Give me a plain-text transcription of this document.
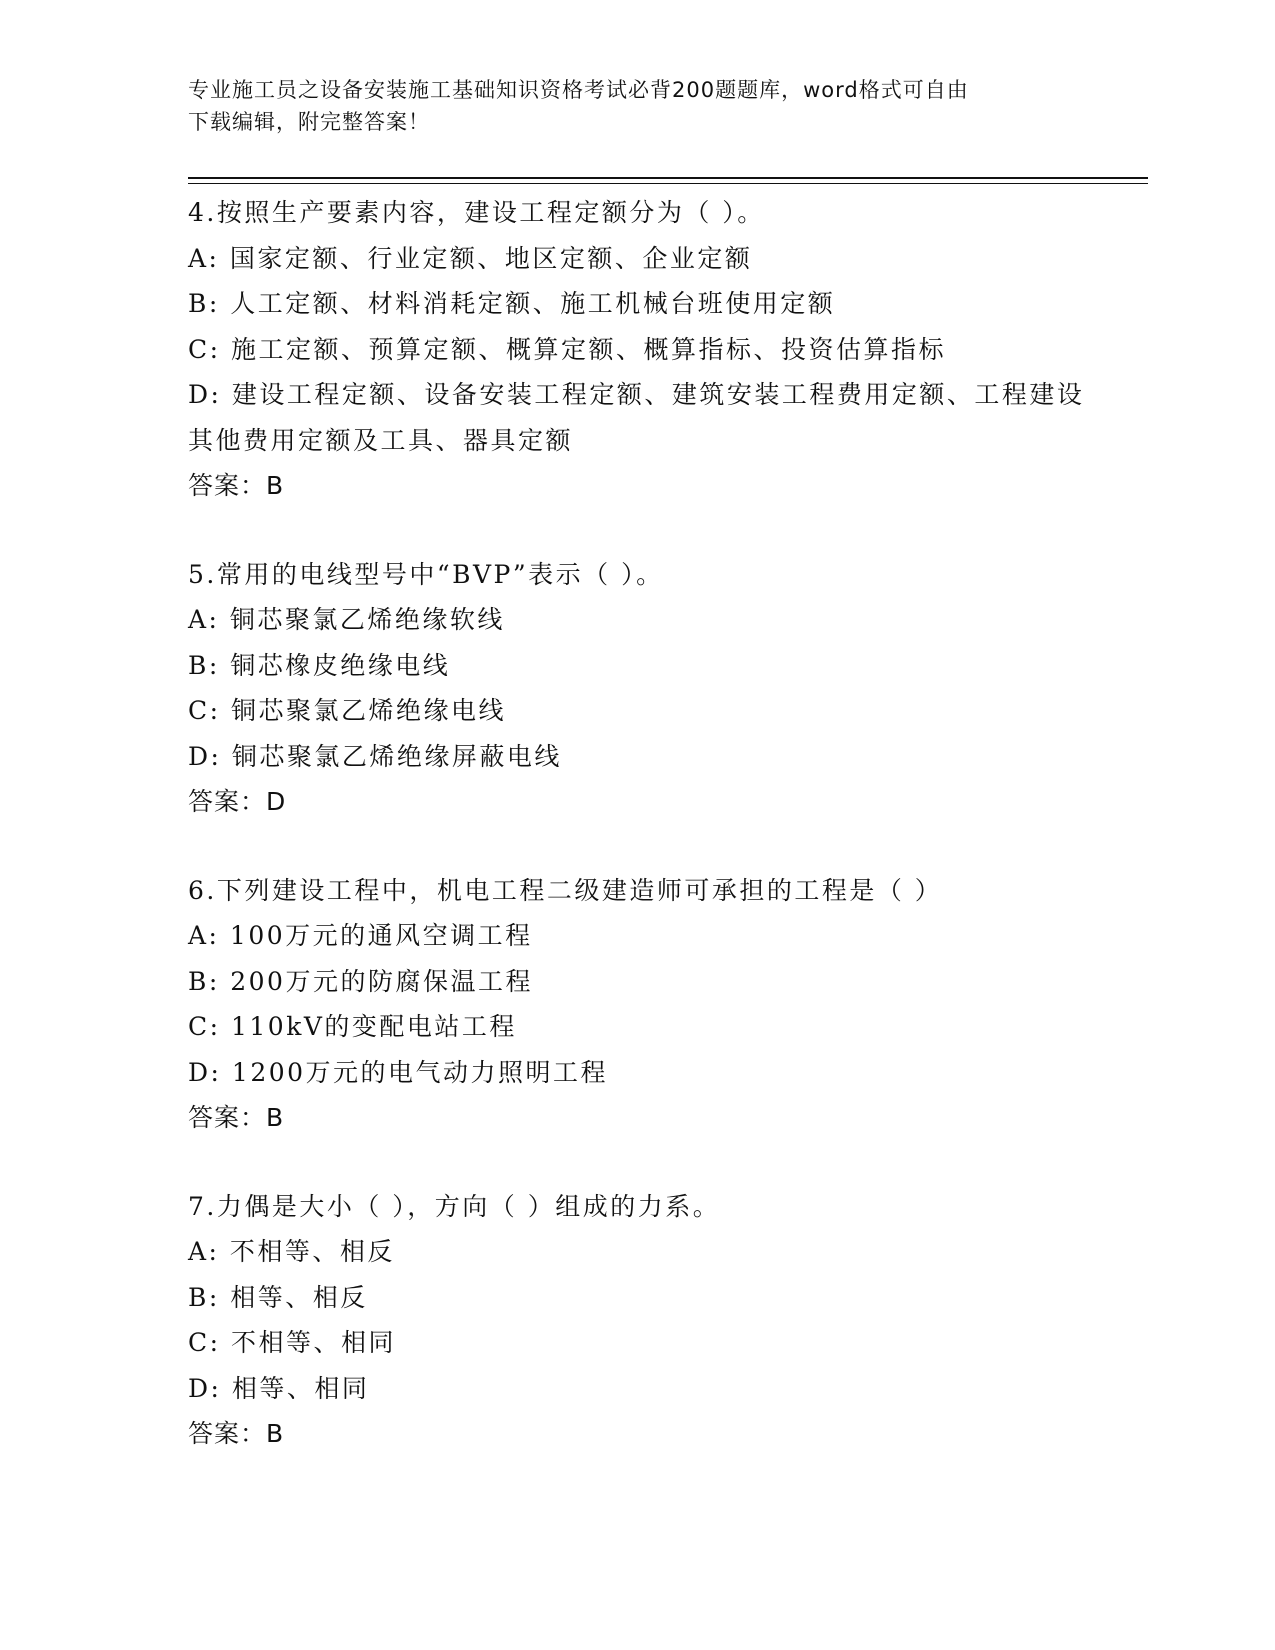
专业施工员之设备安装施工基础知识资格考试必背200题题库，word格式可自由
下载编辑，附完整答案！
4.按照生产要素内容，建设工程定额分为（ ）。
A: 国家定额、行业定额、地区定额、企业定额
B: 人工定额、材料消耗定额、施工机械台班使用定额
C: 施工定额、预算定额、概算定额、概算指标、投资估算指标
D: 建设工程定额、设备安装工程定额、建筑安装工程费用定额、工程建设其他费用定额及工具、器具定额
答案：B
5.常用的电线型号中“BVP”表示（ ）。
A: 铜芯聚氯乙烯绝缘软线
B: 铜芯橡皮绝缘电线
C: 铜芯聚氯乙烯绝缘电线
D: 铜芯聚氯乙烯绝缘屏蔽电线
答案：D
6.下列建设工程中，机电工程二级建造师可承担的工程是（ ）
A: 100万元的通风空调工程
B: 200万元的防腐保温工程
C: 110kV的变配电站工程
D: 1200万元的电气动力照明工程
答案：B
7.力偶是大小（ ），方向（ ）组成的力系。
A: 不相等、相反
B: 相等、相反
C: 不相等、相同
D: 相等、相同
答案：B
